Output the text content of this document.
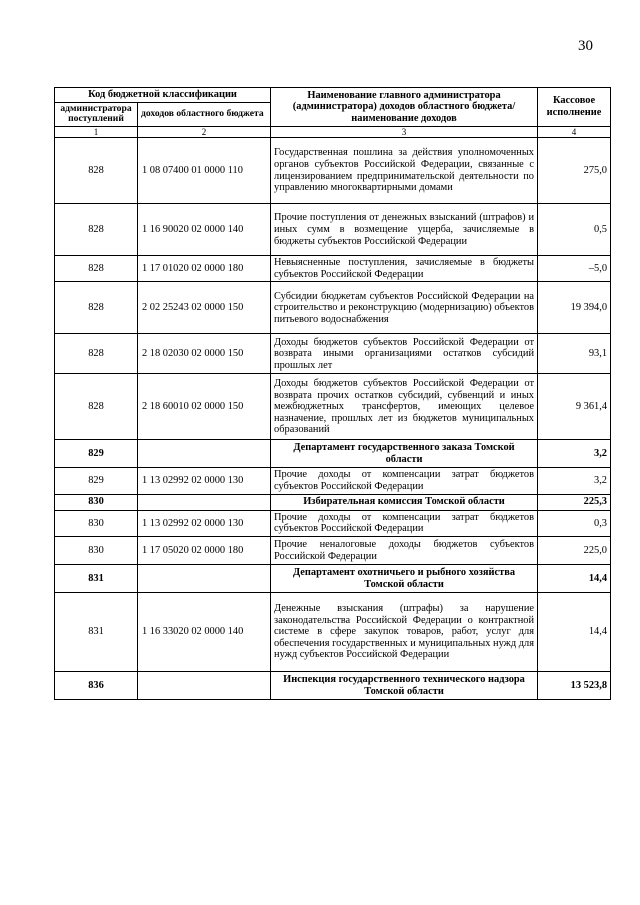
30
Код бюджетной классификации		Наименование главного администратора (администратора) доходов областного бюджета/ наименование доходов	Кассовое исполнение
администратора поступлений	доходов областного бюджета		
1	2	3	4
828	1 08 07400 01 0000 110	Государственная пошлина за действия уполномоченных органов субъектов Российской Федерации, связанные с лицензированием предпринимательской деятельности по управлению многоквартирными домами	275,0
828	1 16 90020 02 0000 140	Прочие поступления от денежных взысканий (штрафов) и иных сумм в возмещение ущерба, зачисляемые в бюджеты субъектов Российской Федерации	0,5
828	1 17 01020 02 0000 180	Невыясненные поступления, зачисляемые в бюджеты субъектов Российской Федерации	–5,0
828	2 02 25243 02 0000 150	Субсидии бюджетам субъектов Российской Федерации на строительство и реконструкцию (модернизацию) объектов питьевого водоснабжения	19 394,0
828	2 18 02030 02 0000 150	Доходы бюджетов субъектов Российской Федерации от возврата иными организациями остатков субсидий прошлых лет	93,1
828	2 18 60010 02 0000 150	Доходы бюджетов субъектов Российской Федерации от возврата прочих остатков субсидий, субвенций и иных межбюджетных трансфертов, имеющих целевое назначение, прошлых лет из бюджетов муниципальных образований	9 361,4
829		Департамент государственного заказа Томской области	3,2
829	1 13 02992 02 0000 130	Прочие доходы от компенсации затрат бюджетов субъектов Российской Федерации	3,2
830		Избирательная комиссия Томской области	225,3
830	1 13 02992 02 0000 130	Прочие доходы от компенсации затрат бюджетов субъектов Российской Федерации	0,3
830	1 17 05020 02 0000 180	Прочие неналоговые доходы бюджетов субъектов Российской Федерации	225,0
831		Департамент охотничьего и рыбного хозяйства Томской области	14,4
831	1 16 33020 02 0000 140	Денежные взыскания (штрафы) за нарушение законодательства Российской Федерации о контрактной системе в сфере закупок товаров, работ, услуг для обеспечения государственных и муниципальных нужд для нужд субъектов Российской Федерации	14,4
836		Инспекция государственного технического надзора Томской области	13 523,8
